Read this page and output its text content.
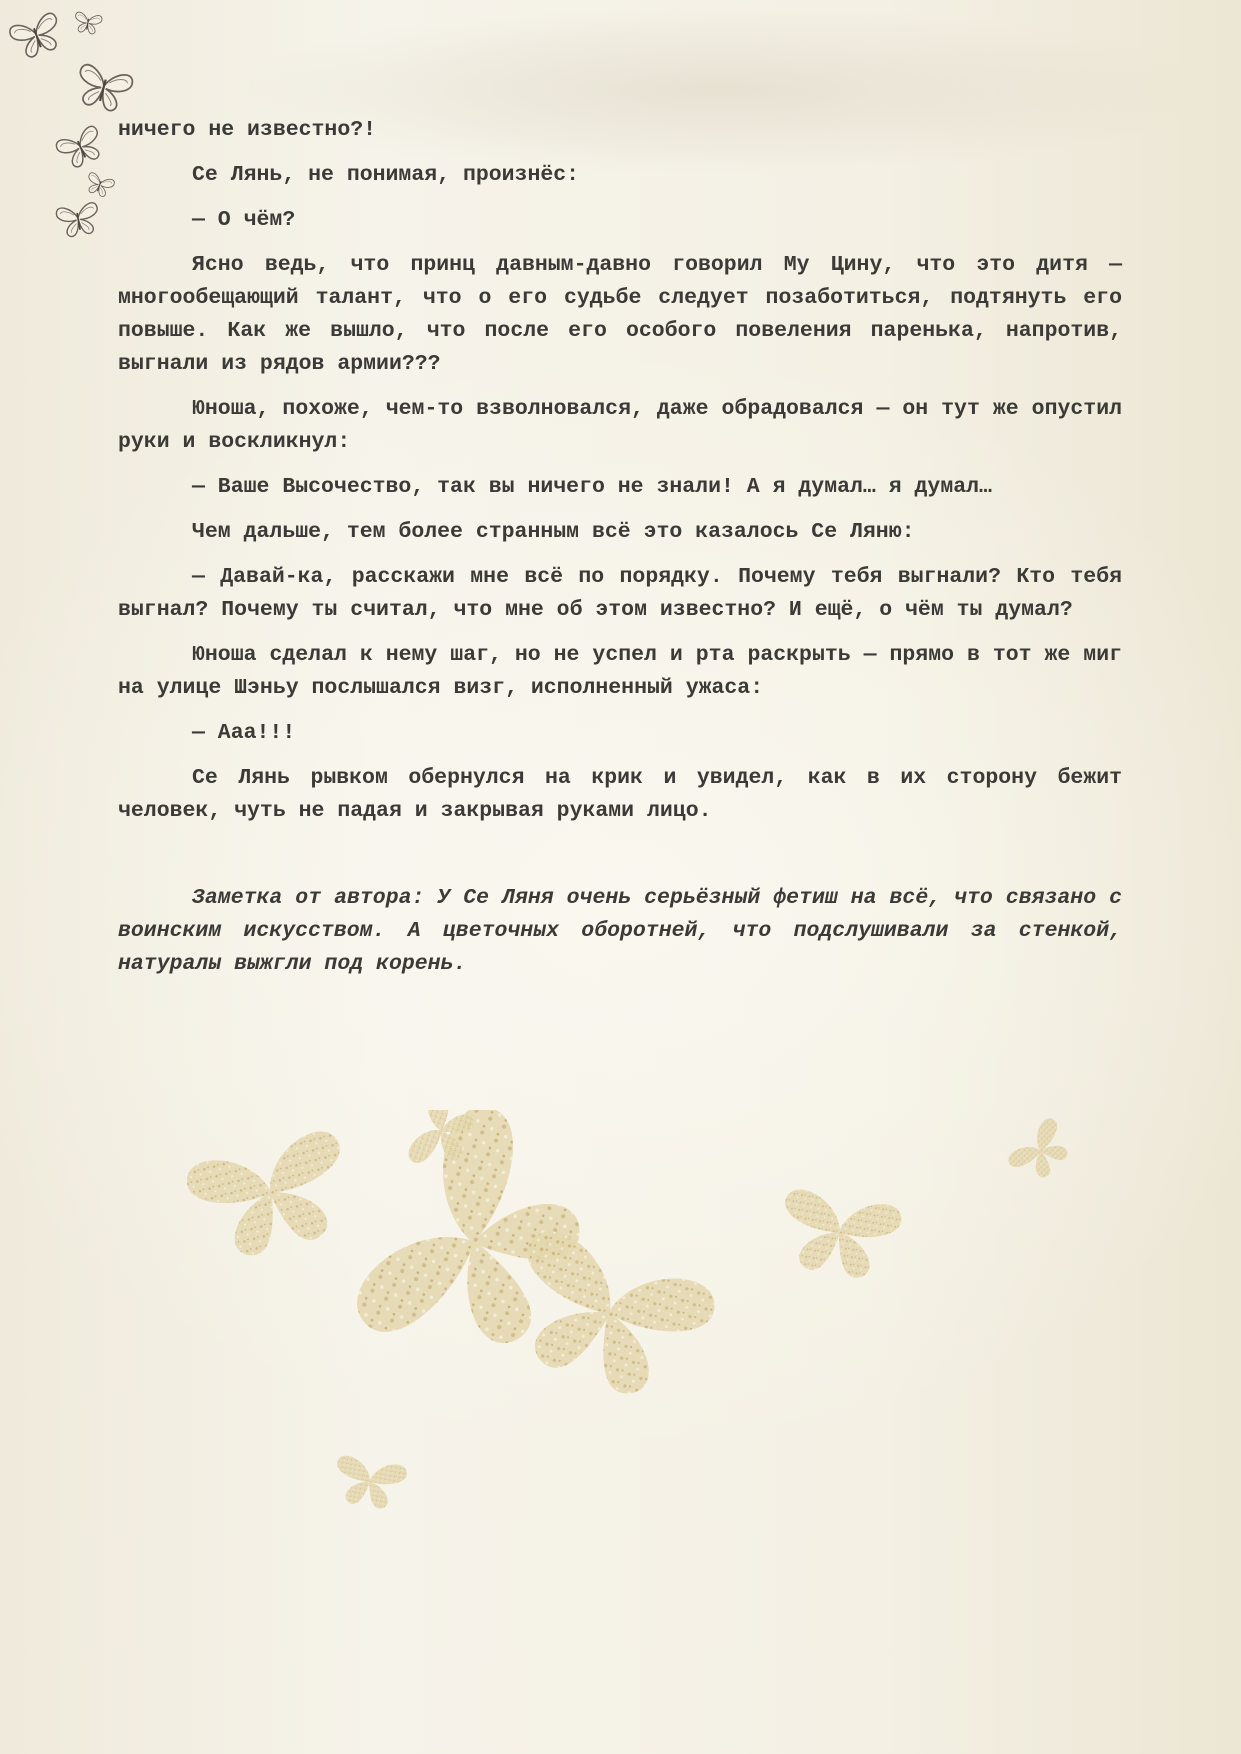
ничего не известно?!

Се Лянь, не понимая, произнёс:

— О чём?

Ясно ведь, что принц давным-давно говорил Му Цину, что это дитя — многообещающий талант, что о его судьбе следует позаботиться, подтянуть его повыше. Как же вышло, что после его особого повеления паренька, напротив, выгнали из рядов армии???

Юноша, похоже, чем-то взволновался, даже обрадовался — он тут же опустил руки и воскликнул:

— Ваше Высочество, так вы ничего не знали! А я думал… я думал…

Чем дальше, тем более странным всё это казалось Се Ляню:

— Давай-ка, расскажи мне всё по порядку. Почему тебя выгнали? Кто тебя выгнал? Почему ты считал, что мне об этом известно? И ещё, о чём ты думал?

Юноша сделал к нему шаг, но не успел и рта раскрыть — прямо в тот же миг на улице Шэньу послышался визг, исполненный ужаса:

— Ааа!!!

Се Лянь рывком обернулся на крик и увидел, как в их сторону бежит человек, чуть не падая и закрывая руками лицо.

Заметка от автора: У Се Ляня очень серьёзный фетиш на всё, что связано с воинским искусством. А цветочных оборотней, что подслушивали за стенкой, натуралы выжгли под корень.
